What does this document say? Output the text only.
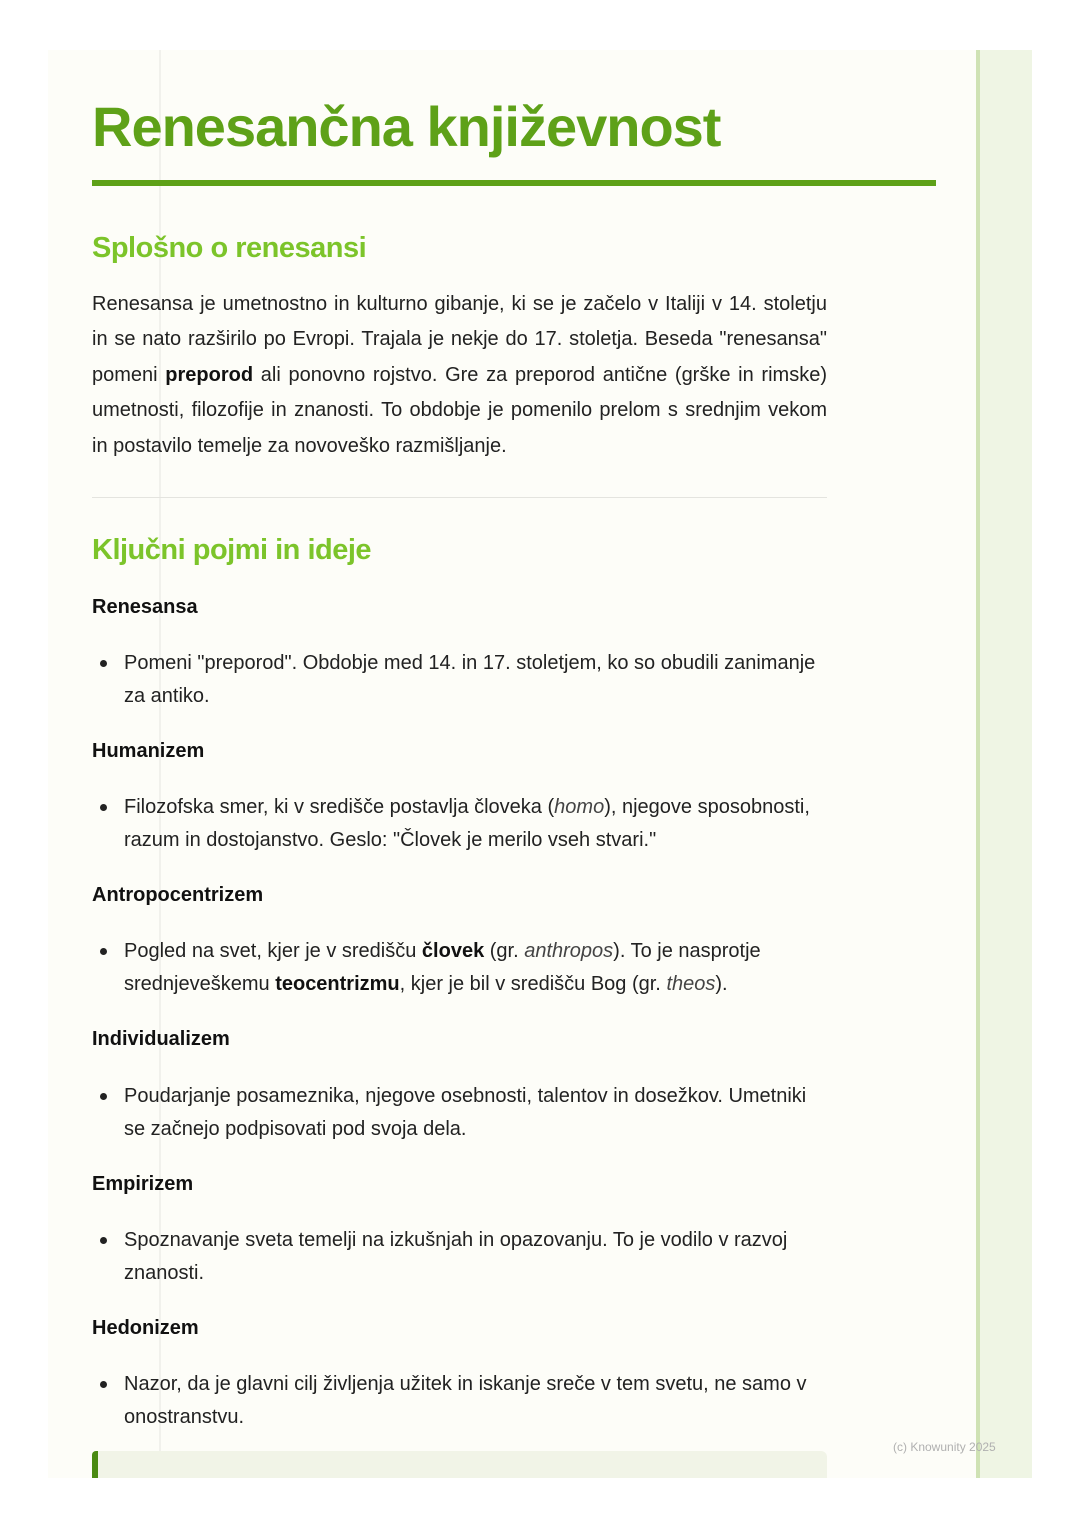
Renesančna književnost
Splošno o renesansi

Renesansa je umetnostno in kulturno gibanje, ki se je začelo v Italiji v 14. stoletju in se nato razširilo po Evropi. Trajala je nekje do 17. stoletja. Beseda "renesansa" pomeni preporod ali ponovno rojstvo. Gre za preporod antične (grške in rimske) umetnosti, filozofije in znanosti. To obdobje je pomenilo prelom s srednjim vekom in postavilo temelje za novoveško razmišljanje.

Ključni pojmi in ideje
Renesansa

Pomeni "preporod". Obdobje med 14. in 17. stoletjem, ko so obudili zanimanje za antiko.

Humanizem

Filozofska smer, ki v središče postavlja človeka (homo), njegove sposobnosti, razum in dostojanstvo. Geslo: "Človek je merilo vseh stvari."

Antropocentrizem

Pogled na svet, kjer je v središču človek (gr. anthropos). To je nasprotje srednjeveškemu teocentrizmu, kjer je bil v središču Bog (gr. theos).

Individualizem

Poudarjanje posameznika, njegove osebnosti, talentov in dosežkov. Umetniki se začnejo podpisovati pod svoja dela.

Empirizem

Spoznavanje sveta temelji na izkušnjah in opazovanju. To je vodilo v razvoj znanosti.

Hedonizem

Nazor, da je glavni cilj življenja užitek in iskanje sreče v tem svetu, ne samo v onostranstvu.

(c) Knowunity 2025
